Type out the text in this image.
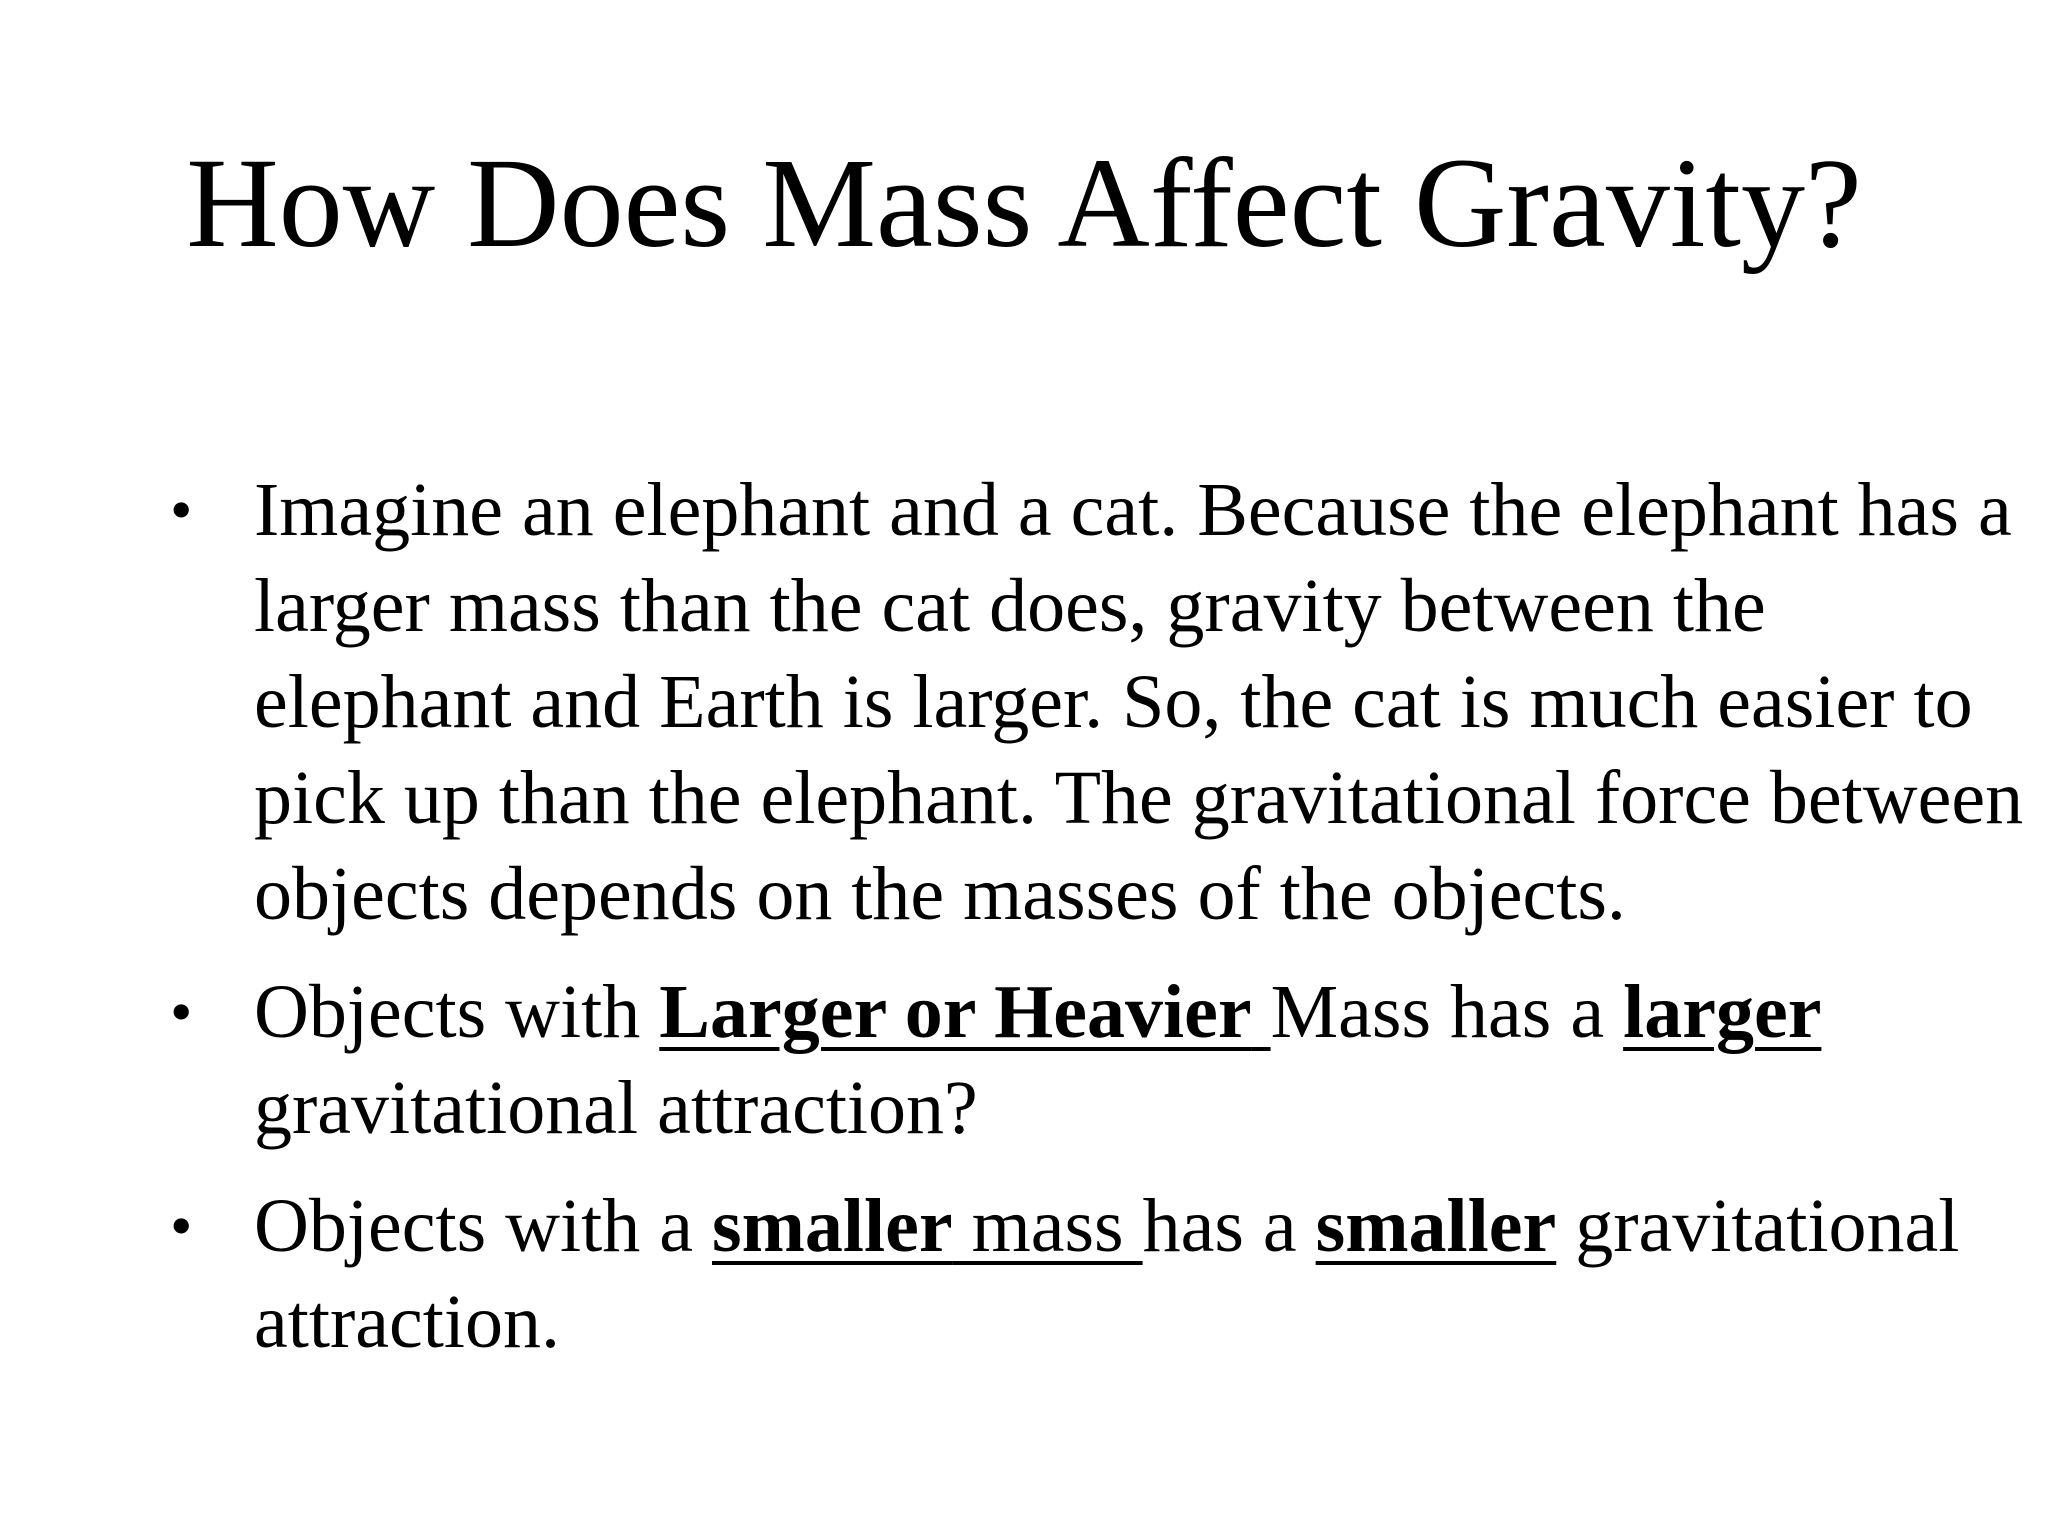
How Does Mass Affect Gravity?
• Imagine an elephant and a cat. Because the elephant has a larger mass than the cat does, gravity between the elephant and Earth is larger. So, the cat is much easier to pick up than the elephant. The gravitational force between objects depends on the masses of the objects.
• Objects with Larger or Heavier Mass has a larger gravitational attraction?
• Objects with a smaller mass has a smaller gravitational attraction.
